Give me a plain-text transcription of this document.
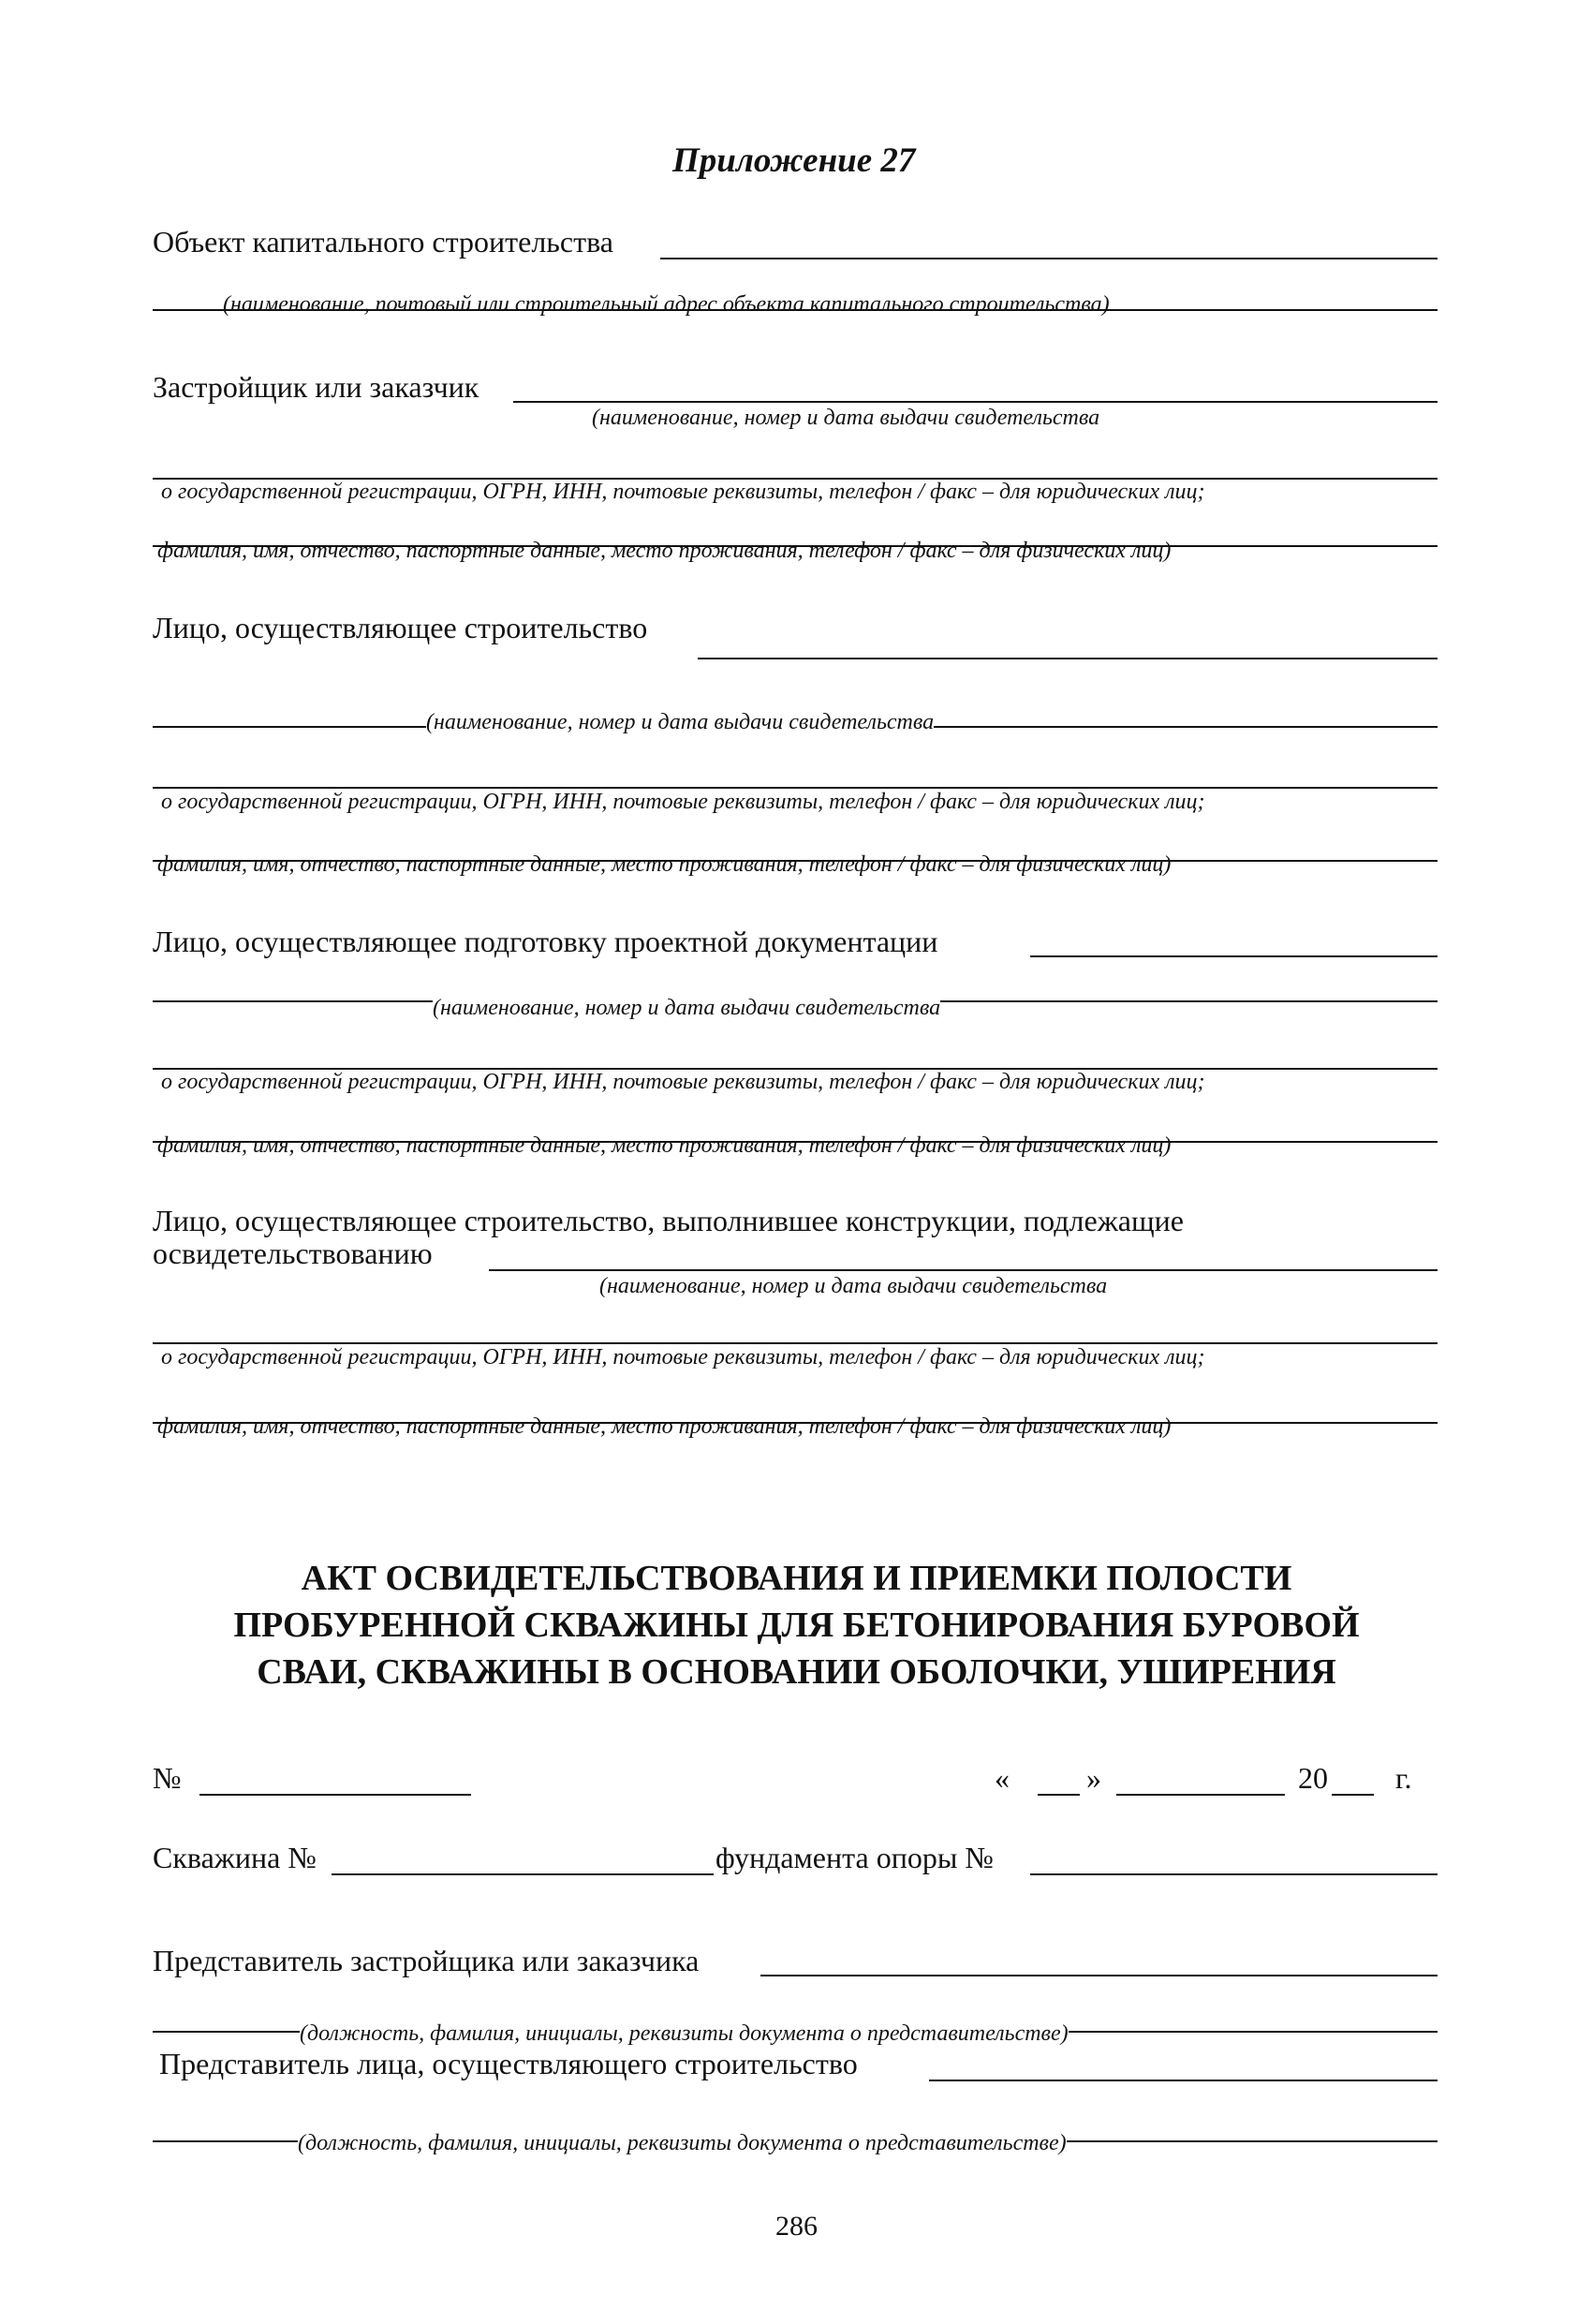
Приложение 27
Объект капитального строительства
(наименование, почтовый или строительный адрес объекта капитального строительства)
Застройщик или заказчик
(наименование, номер и дата выдачи свидетельства
о государственной регистрации, ОГРН, ИНН, почтовые реквизиты, телефон / факс – для юридических лиц;
фамилия, имя, отчество, паспортные данные, место проживания, телефон / факс – для физических лиц)
Лицо, осуществляющее строительство
(наименование, номер и дата выдачи свидетельства
о государственной регистрации, ОГРН, ИНН, почтовые реквизиты, телефон / факс – для юридических лиц;
фамилия, имя, отчество, паспортные данные, место проживания, телефон / факс – для физических лиц)
Лицо, осуществляющее подготовку проектной документации
(наименование, номер и дата выдачи свидетельства
о государственной регистрации, ОГРН, ИНН, почтовые реквизиты, телефон / факс – для юридических лиц;
фамилия, имя, отчество, паспортные данные, место проживания, телефон / факс – для физических лиц)
Лицо, осуществляющее строительство, выполнившее конструкции, подлежащие
освидетельствованию
(наименование, номер и дата выдачи свидетельства
о государственной регистрации, ОГРН, ИНН, почтовые реквизиты, телефон / факс – для юридических лиц;
фамилия, имя, отчество, паспортные данные, место проживания, телефон / факс – для физических лиц)
АКТ ОСВИДЕТЕЛЬСТВОВАНИЯ И ПРИЕМКИ ПОЛОСТИ
ПРОБУРЕННОЙ СКВАЖИНЫ ДЛЯ БЕТОНИРОВАНИЯ БУРОВОЙ
СВАИ, СКВАЖИНЫ В ОСНОВАНИИ ОБОЛОЧКИ, УШИРЕНИЯ
№	«	»	20 г.
Скважина №	фундамента опоры №
Представитель застройщика или заказчика
(должность, фамилия, инициалы, реквизиты документа о представительстве)
Представитель лица, осуществляющего строительство
(должность, фамилия, инициалы, реквизиты документа о представительстве)
286
